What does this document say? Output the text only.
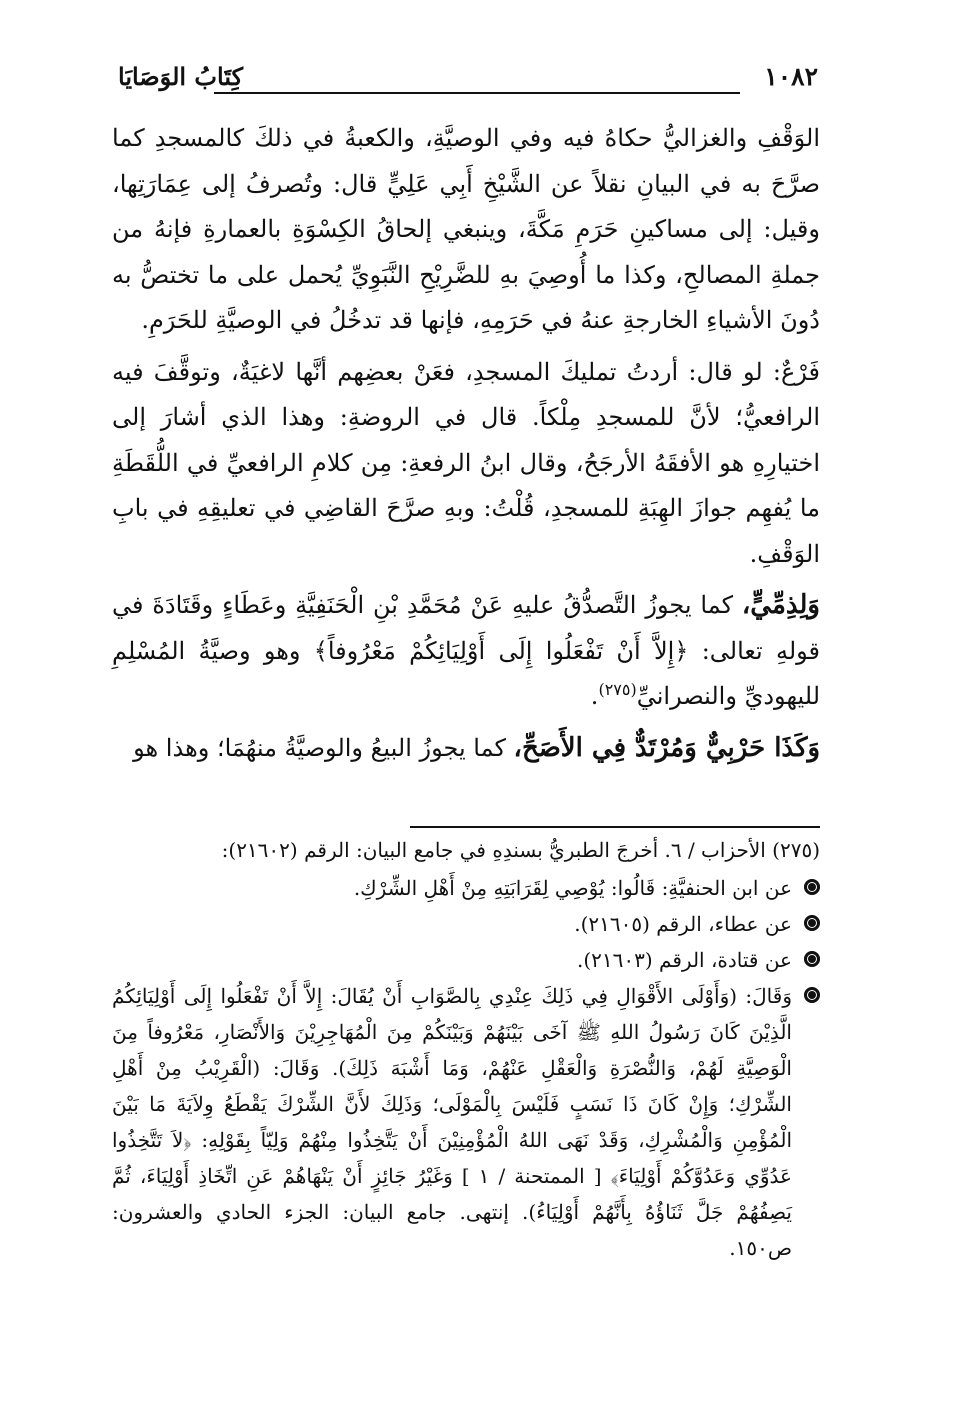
١٠٨٢
كِتَابُ الوَصَايَا

الوَقْفِ والغزاليُّ حكاهُ فيه وفي الوصيَّةِ، والكعبةُ في ذلكَ كالمسجدِ كما صرَّحَ به في البيانِ نقلاً عن الشَّيْخِ أَبِي عَلِيٍّ قال: وتُصرفُ إلى عِمَارَتِها، وقيل: إلى مساكينِ حَرَمِ مَكَّةَ، وينبغي إلحاقُ الكِسْوَةِ بالعمارةِ فإنهُ من جملةِ المصالحِ، وكذا ما أُوصِيَ بهِ للضَّرِيْحِ النَّبَوِيِّ يُحمل على ما تختصُّ به دُونَ الأشياءِ الخارجةِ عنهُ في حَرَمِهِ، فإنها قد تدخُلُ في الوصيَّةِ للحَرَمِ.

فَرْعٌ: لو قال: أردتُ تمليكَ المسجدِ، فعَنْ بعضِهم أنَّها لاغيَةٌ، وتوقَّفَ فيه الرافعيُّ؛ لأنَّ للمسجدِ مِلْكاً. قال في الروضةِ: وهذا الذي أشارَ إلى اختيارِهِ هو الأفقَهُ الأرجَحُ، وقال ابنُ الرفعةِ: مِن كلامِ الرافعيِّ في اللُّقَطَةِ ما يُفهِم جوازَ الهِبَةِ للمسجدِ، قُلْتُ: وبهِ صرَّحَ القاضِي في تعليقِهِ في بابِ الوَقْفِ.

وَلِذِمِّيٍّ، كما يجوزُ التَّصدُّقُ عليهِ عَنْ مُحَمَّدِ بْنِ الْحَنَفِيَّةِ وعَطَاءٍ وقَتَادَةَ في قولهِ تعالى: ﴿إِلاَّ أَنْ تَفْعَلُوا إِلَى أَوْلِيَائِكُمْ مَعْرُوفاً﴾ وهو وصيَّةُ المُسْلِمِ لليهوديِّ والنصرانيِّ$^{(٢٧٥)}$.

وَكَذَا حَرْبِيٌّ وَمُرْتَدٌّ فِي الأَصَحِّ، كما يجوزُ البيعُ والوصيَّةُ منهُمَا؛ وهذا هو

(٢٧٥) الأحزاب / ٦. أخرجَ الطبريُّ بسندِهِ في جامع البيان: الرقم (٢١٦٠٢):

عن ابن الحنفيَّةِ: قَالُوا: يُوْصِي لِقَرَابَتِهِ مِنْ أَهْلِ الشِّرْكِ.

عن عطاء، الرقم (٢١٦٠٥).

عن قتادة، الرقم (٢١٦٠٣).

وَقَالَ: (وَأَوْلَى الأَقْوَالِ فِي ذَلِكَ عِنْدِي بِالصَّوَابِ أَنْ يُقَالَ: إِلاَّ أَنْ تَفْعَلُوا إِلَى أَوْلِيَائِكُمُ الَّذِيْنَ كَانَ رَسُولُ اللهِ ﷺ آخَى بَيْنَهُمْ وَبَيْنَكُمْ مِنَ الْمُهَاجِرِيْنَ وَالأَنْصَارِ، مَعْرُوفاً مِنَ الْوَصِيَّةِ لَهُمْ، وَالنُّصْرَةِ وَالْعَقْلِ عَنْهُمْ، وَمَا أَشْبَهَ ذَلِكَ). وَقَالَ: (الْقَرِيْبُ مِنْ أَهْلِ الشِّرْكِ؛ وَإِنْ كَانَ ذَا نَسَبٍ فَلَيْسَ بِالْمَوْلَى؛ وَذَلِكَ لأَنَّ الشِّرْكَ يَقْطَعُ وِلاَيَةَ مَا بَيْنَ الْمُؤْمِنِ وَالْمُشْرِكِ، وَقَدْ نَهَى اللهُ الْمُؤْمِنِيْنَ أَنْ يَتَّخِذُوا مِنْهُمْ وَلِيّاً بِقَوْلِهِ: ﴿لاَ تَتَّخِذُوا عَدُوِّي وَعَدُوَّكُمْ أَوْلِيَاءَ﴾ [ الممتحنة / ١ ] وَغَيْرُ جَائِزٍ أَنْ يَنْهَاهُمْ عَنِ اتِّخَاذِ أَوْلِيَاءَ، ثُمَّ يَصِفُهُمْ جَلَّ ثَنَاؤُهُ بِأَنَّهُمْ أَوْلِيَاءُ). إنتهى. جامع البيان: الجزء الحادي والعشرون: ص١٥٠.
